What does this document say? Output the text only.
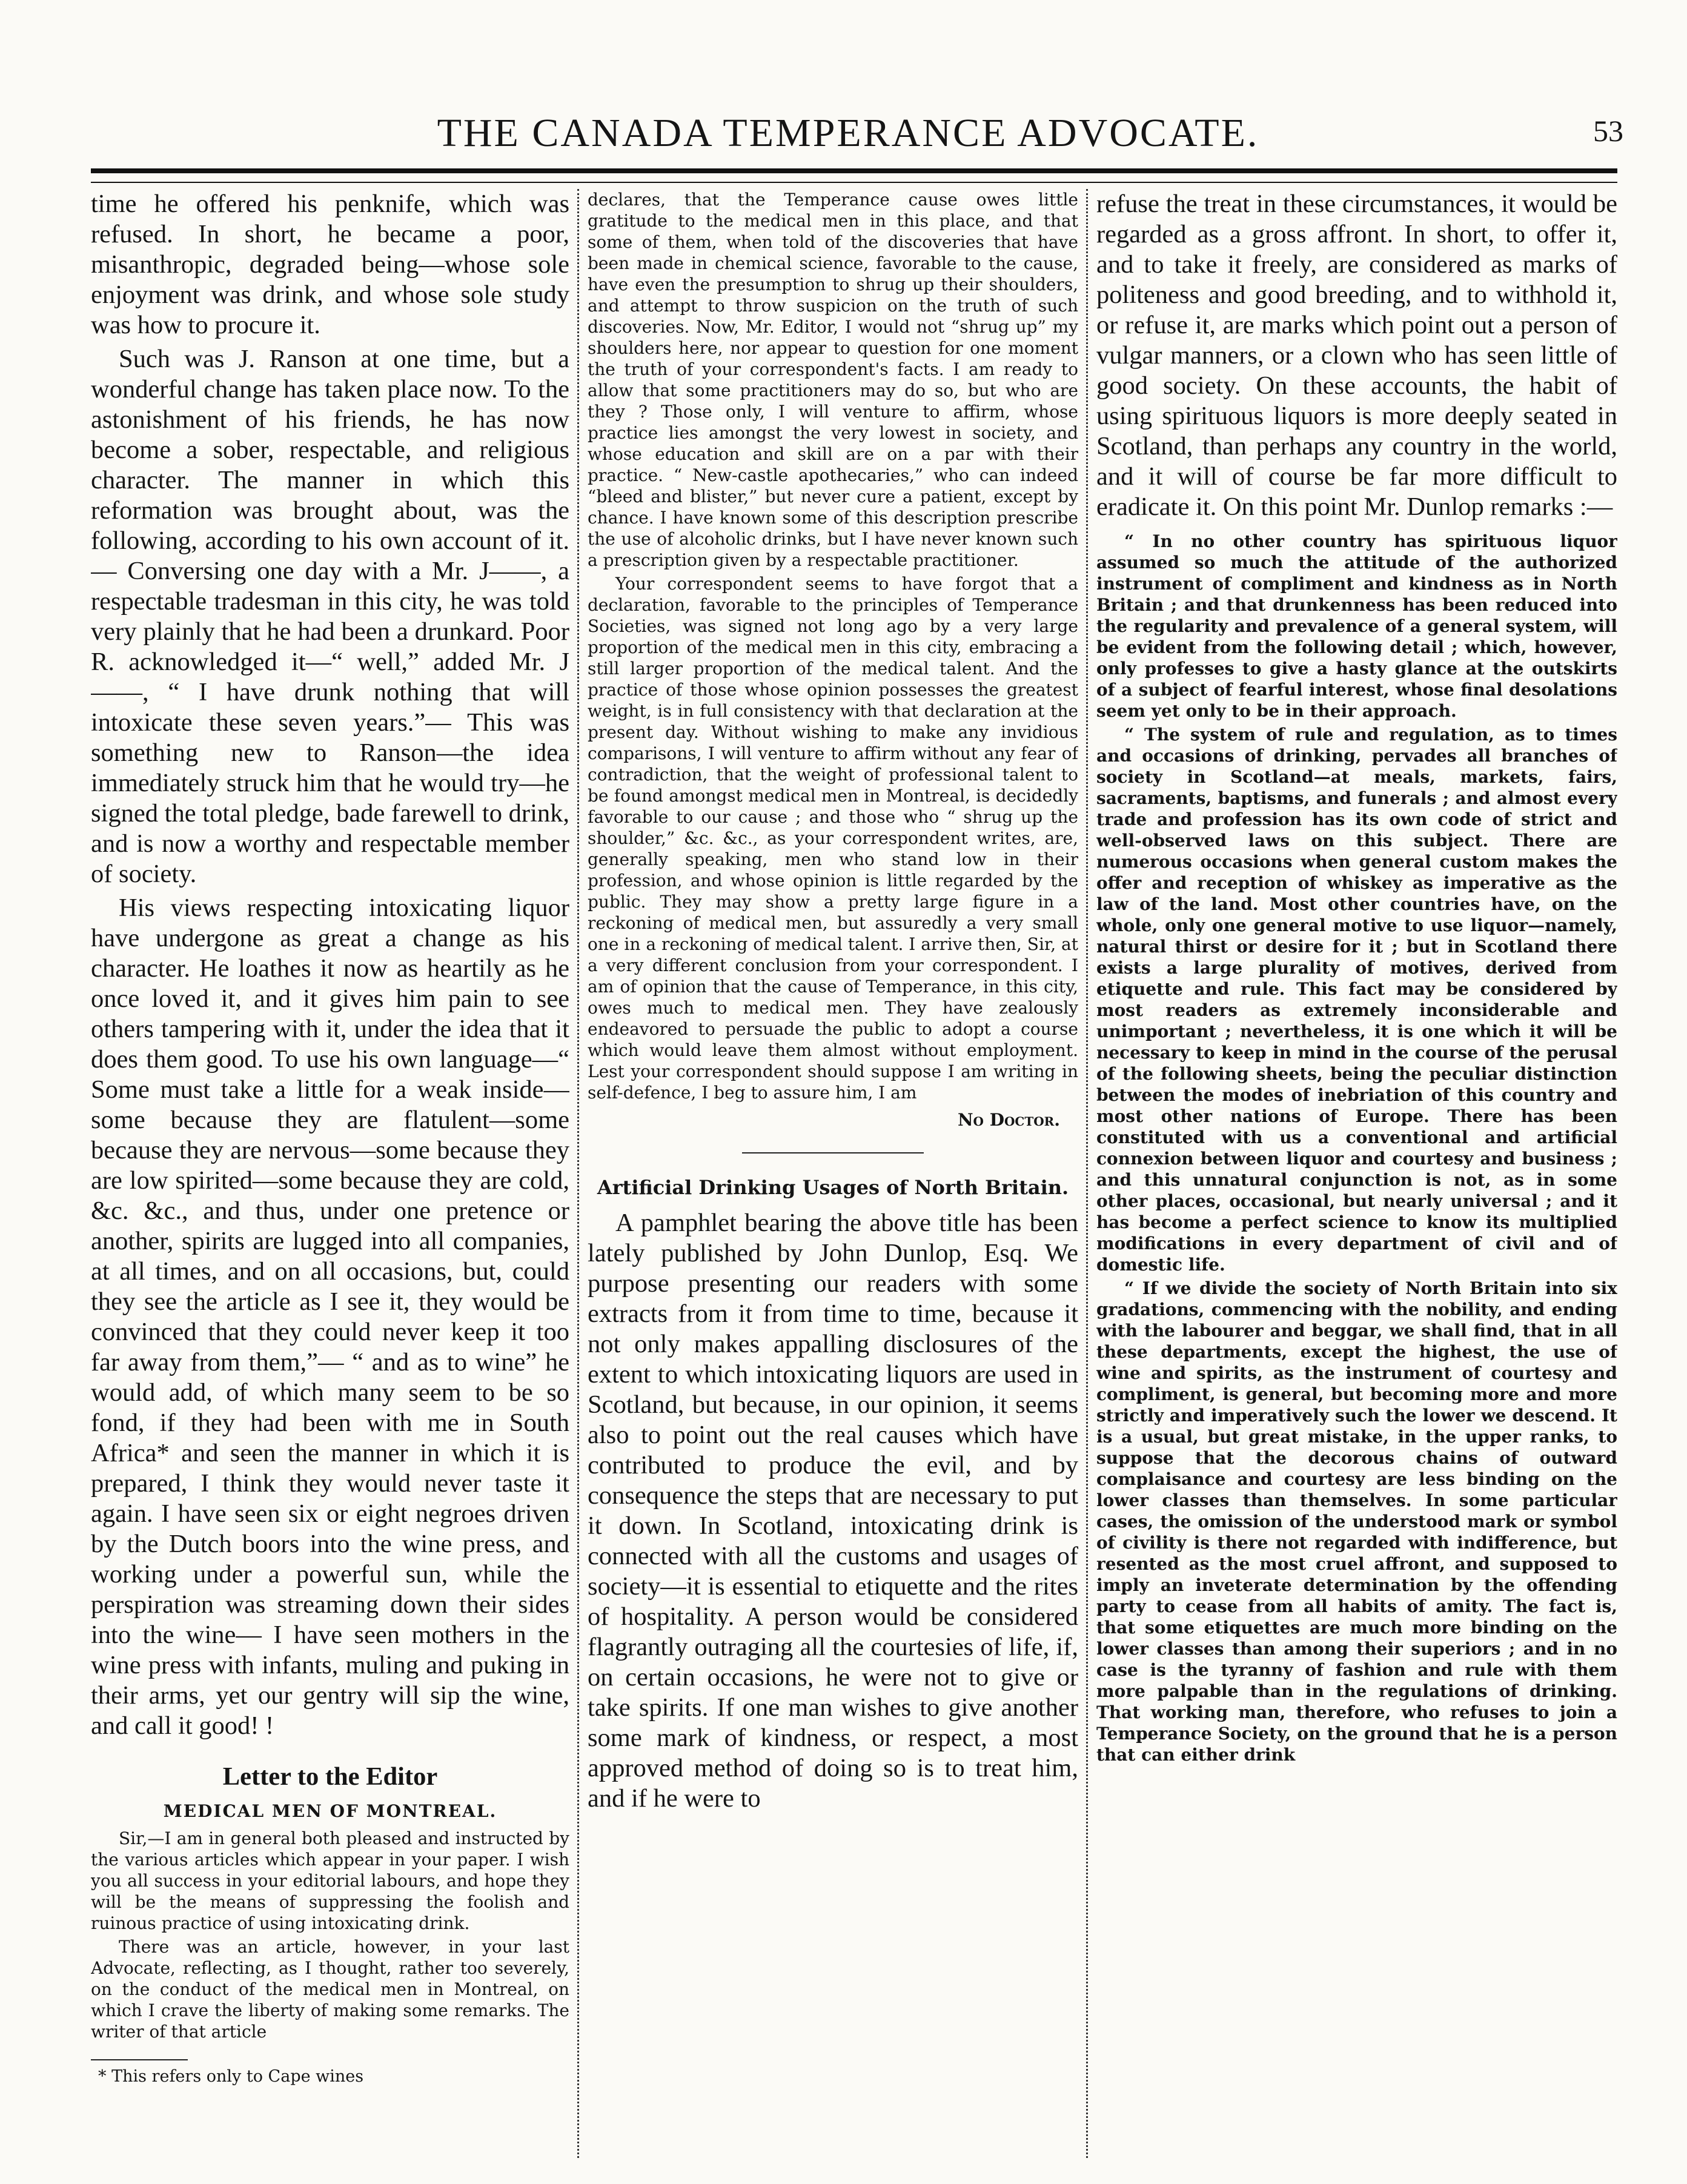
THE CANADA TEMPERANCE ADVOCATE.	53

time he offered his penknife, which was refused. In short, he became a poor, misanthropic, degraded being—whose sole enjoyment was drink, and whose sole study was how to procure it.

Such was J. Ranson at one time, but a wonderful change has taken place now. To the astonishment of his friends, he has now become a sober, respectable, and religious character. The manner in which this reformation was brought about, was the following, according to his own account of it.— Conversing one day with a Mr. J——, a respectable tradesman in this city, he was told very plainly that he had been a drunkard. Poor R. acknowledged it—“ well,” added Mr. J——, “ I have drunk nothing that will intoxicate these seven years.”— This was something new to Ranson—the idea immediately struck him that he would try—he signed the total pledge, bade farewell to drink, and is now a worthy and respectable member of society.

His views respecting intoxicating liquor have undergone as great a change as his character. He loathes it now as heartily as he once loved it, and it gives him pain to see others tampering with it, under the idea that it does them good. To use his own language—“ Some must take a little for a weak inside—some because they are flatulent—some because they are nervous—some because they are low spirited—some because they are cold, &c. &c., and thus, under one pretence or another, spirits are lugged into all companies, at all times, and on all occasions, but, could they see the article as I see it, they would be convinced that they could never keep it too far away from them,”— “ and as to wine” he would add, of which many seem to be so fond, if they had been with me in South Africa* and seen the manner in which it is prepared, I think they would never taste it again. I have seen six or eight negroes driven by the Dutch boors into the wine press, and working under a powerful sun, while the perspiration was streaming down their sides into the wine— I have seen mothers in the wine press with infants, muling and puking in their arms, yet our gentry will sip the wine, and call it good! !

Letter to the Editor

MEDICAL MEN OF MONTREAL.

Sir,—I am in general both pleased and instructed by the various articles which appear in your paper. I wish you all success in your editorial labours, and hope they will be the means of suppressing the foolish and ruinous practice of using intoxicating drink.

There was an article, however, in your last Advocate, reflecting, as I thought, rather too severely, on the conduct of the medical men in Montreal, on which I crave the liberty of making some remarks. The writer of that article

* This refers only to Cape wines

declares, that the Temperance cause owes little gratitude to the medical men in this place, and that some of them, when told of the discoveries that have been made in chemical science, favorable to the cause, have even the presumption to shrug up their shoulders, and attempt to throw suspicion on the truth of such discoveries. Now, Mr. Editor, I would not “shrug up” my shoulders here, nor appear to question for one moment the truth of your correspondent's facts. I am ready to allow that some practitioners may do so, but who are they ? Those only, I will venture to affirm, whose practice lies amongst the very lowest in society, and whose education and skill are on a par with their practice. “ New-castle apothecaries,” who can indeed “bleed and blister,” but never cure a patient, except by chance. I have known some of this description prescribe the use of alcoholic drinks, but I have never known such a prescription given by a respectable practitioner.

Your correspondent seems to have forgot that a declaration, favorable to the principles of Temperance Societies, was signed not long ago by a very large proportion of the medical men in this city, embracing a still larger proportion of the medical talent. And the practice of those whose opinion possesses the greatest weight, is in full consistency with that declaration at the present day. Without wishing to make any invidious comparisons, I will venture to affirm without any fear of contradiction, that the weight of professional talent to be found amongst medical men in Montreal, is decidedly favorable to our cause ; and those who “ shrug up the shoulder,” &c. &c., as your correspondent writes, are, generally speaking, men who stand low in their profession, and whose opinion is little regarded by the public. They may show a pretty large figure in a reckoning of medical men, but assuredly a very small one in a reckoning of medical talent. I arrive then, Sir, at a very different conclusion from your correspondent. I am of opinion that the cause of Temperance, in this city, owes much to medical men. They have zealously endeavored to persuade the public to adopt a course which would leave them almost without employment. Lest your correspondent should suppose I am writing in self-defence, I beg to assure him, I am

No Doctor.

Artificial Drinking Usages of North Britain.

A pamphlet bearing the above title has been lately published by John Dunlop, Esq. We purpose presenting our readers with some extracts from it from time to time, because it not only makes appalling disclosures of the extent to which intoxicating liquors are used in Scotland, but because, in our opinion, it seems also to point out the real causes which have contributed to produce the evil, and by consequence the steps that are necessary to put it down. In Scotland, intoxicating drink is connected with all the customs and usages of society—it is essential to etiquette and the rites of hospitality. A person would be considered flagrantly outraging all the courtesies of life, if, on certain occasions, he were not to give or take spirits. If one man wishes to give another some mark of kindness, or respect, a most approved method of doing so is to treat him, and if he were to

refuse the treat in these circumstances, it would be regarded as a gross affront. In short, to offer it, and to take it freely, are considered as marks of politeness and good breeding, and to withhold it, or refuse it, are marks which point out a person of vulgar manners, or a clown who has seen little of good society. On these accounts, the habit of using spirituous liquors is more deeply seated in Scotland, than perhaps any country in the world, and it will of course be far more difficult to eradicate it. On this point Mr. Dunlop remarks :—

“ In no other country has spirituous liquor assumed so much the attitude of the authorized instrument of compliment and kindness as in North Britain ; and that drunkenness has been reduced into the regularity and prevalence of a general system, will be evident from the following detail ; which, however, only professes to give a hasty glance at the outskirts of a subject of fearful interest, whose final desolations seem yet only to be in their approach.

“ The system of rule and regulation, as to times and occasions of drinking, pervades all branches of society in Scotland—at meals, markets, fairs, sacraments, baptisms, and funerals ; and almost every trade and profession has its own code of strict and well-observed laws on this subject. There are numerous occasions when general custom makes the offer and reception of whiskey as imperative as the law of the land. Most other countries have, on the whole, only one general motive to use liquor—namely, natural thirst or desire for it ; but in Scotland there exists a large plurality of motives, derived from etiquette and rule. This fact may be considered by most readers as extremely inconsiderable and unimportant ; nevertheless, it is one which it will be necessary to keep in mind in the course of the perusal of the following sheets, being the peculiar distinction between the modes of inebriation of this country and most other nations of Europe. There has been constituted with us a conventional and artificial connexion between liquor and courtesy and business ; and this unnatural conjunction is not, as in some other places, occasional, but nearly universal ; and it has become a perfect science to know its multiplied modifications in every department of civil and of domestic life.

“ If we divide the society of North Britain into six gradations, commencing with the nobility, and ending with the labourer and beggar, we shall find, that in all these departments, except the highest, the use of wine and spirits, as the instrument of courtesy and compliment, is general, but becoming more and more strictly and imperatively such the lower we descend. It is a usual, but great mistake, in the upper ranks, to suppose that the decorous chains of outward complaisance and courtesy are less binding on the lower classes than themselves. In some particular cases, the omission of the understood mark or symbol of civility is there not regarded with indifference, but resented as the most cruel affront, and supposed to imply an inveterate determination by the offending party to cease from all habits of amity. The fact is, that some etiquettes are much more binding on the lower classes than among their superiors ; and in no case is the tyranny of fashion and rule with them more palpable than in the regulations of drinking. That working man, therefore, who refuses to join a Temperance Society, on the ground that he is a person that can either drink
